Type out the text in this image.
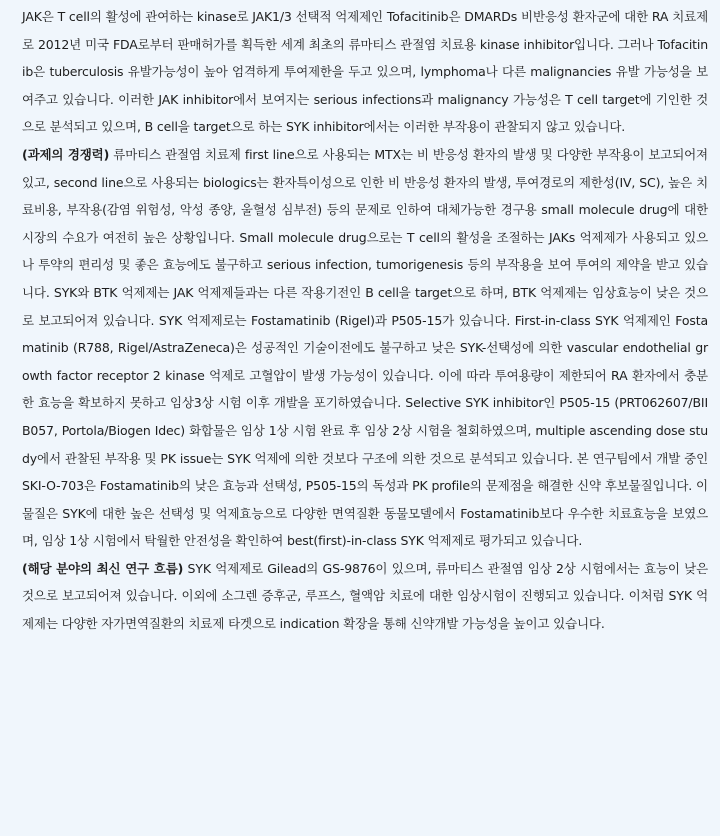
JAK은 T cell의 활성에 관여하는 kinase로 JAK1/3 선택적 억제제인 Tofacitinib은 DMARDs 비반응성 환자군에 대한 RA 치료제로 2012년 미국 FDA로부터 판매허가를 획득한 세계 최초의 류마티스 관절염 치료용 kinase inhibitor입니다. 그러나 Tofacitinib은 tuberculosis 유발가능성이 높아 엄격하게 투여제한을 두고 있으며, lymphoma나 다른 malignancies 유발 가능성을 보여주고 있습니다. 이러한 JAK inhibitor에서 보여지는 serious infections과 malignancy 가능성은 T cell target에 기인한 것으로 분석되고 있으며, B cell을 target으로 하는 SYK inhibitor에서는 이러한 부작용이 관찰되지 않고 있습니다.

(과제의 경쟁력) 류마티스 관절염 치료제 first line으로 사용되는 MTX는 비 반응성 환자의 발생 및 다양한 부작용이 보고되어져 있고, second line으로 사용되는 biologics는 환자특이성으로 인한 비 반응성 환자의 발생, 투여경로의 제한성(IV, SC), 높은 치료비용, 부작용(감염 위험성, 악성 종양, 울혈성 심부전) 등의 문제로 인하여 대체가능한 경구용 small molecule drug에 대한 시장의 수요가 여전히 높은 상황입니다. Small molecule drug으로는 T cell의 활성을 조절하는 JAKs 억제제가 사용되고 있으나 투약의 편리성 및 좋은 효능에도 불구하고 serious infection, tumorigenesis 등의 부작용을 보여 투여의 제약을 받고 있습니다. SYK와 BTK 억제제는 JAK 억제제들과는 다른 작용기전인 B cell을 target으로 하며, BTK 억제제는 임상효능이 낮은 것으로 보고되어져 있습니다. SYK 억제제로는 Fostamatinib (Rigel)과 P505-15가 있습니다. First-in-class SYK 억제제인 Fostamatinib (R788, Rigel/AstraZeneca)은 성공적인 기술이전에도 불구하고 낮은 SYK-선택성에 의한 vascular endothelial growth factor receptor 2 kinase 억제로 고혈압이 발생 가능성이 있습니다. 이에 따라 투여용량이 제한되어 RA 환자에서 충분한 효능을 확보하지 못하고 임상3상 시험 이후 개발을 포기하였습니다. Selective SYK inhibitor인 P505-15 (PRT062607/BIIB057, Portola/Biogen Idec) 화합물은 임상 1상 시험 완료 후 임상 2상 시험을 철회하였으며, multiple ascending dose study에서 관찰된 부작용 및 PK issue는 SYK 억제에 의한 것보다 구조에 의한 것으로 분석되고 있습니다. 본 연구팀에서 개발 중인 SKI-O-703은 Fostamatinib의 낮은 효능과 선택성, P505-15의 독성과 PK profile의 문제점을 해결한 신약 후보물질입니다. 이 물질은 SYK에 대한 높은 선택성 및 억제효능으로 다양한 면역질환 동물모델에서 Fostamatinib보다 우수한 치료효능을 보였으며, 임상 1상 시험에서 탁월한 안전성을 확인하여 best(first)-in-class SYK 억제제로 평가되고 있습니다.

(해당 분야의 최신 연구 흐름) SYK 억제제로 Gilead의 GS-9876이 있으며, 류마티스 관절염 임상 2상 시험에서는 효능이 낮은 것으로 보고되어져 있습니다. 이외에 소그렌 증후군, 루프스, 혈액암 치료에 대한 임상시험이 진행되고 있습니다. 이처럼 SYK 억제제는 다양한 자가면역질환의 치료제 타겟으로 indication 확장을 통해 신약개발 가능성을 높이고 있습니다.
